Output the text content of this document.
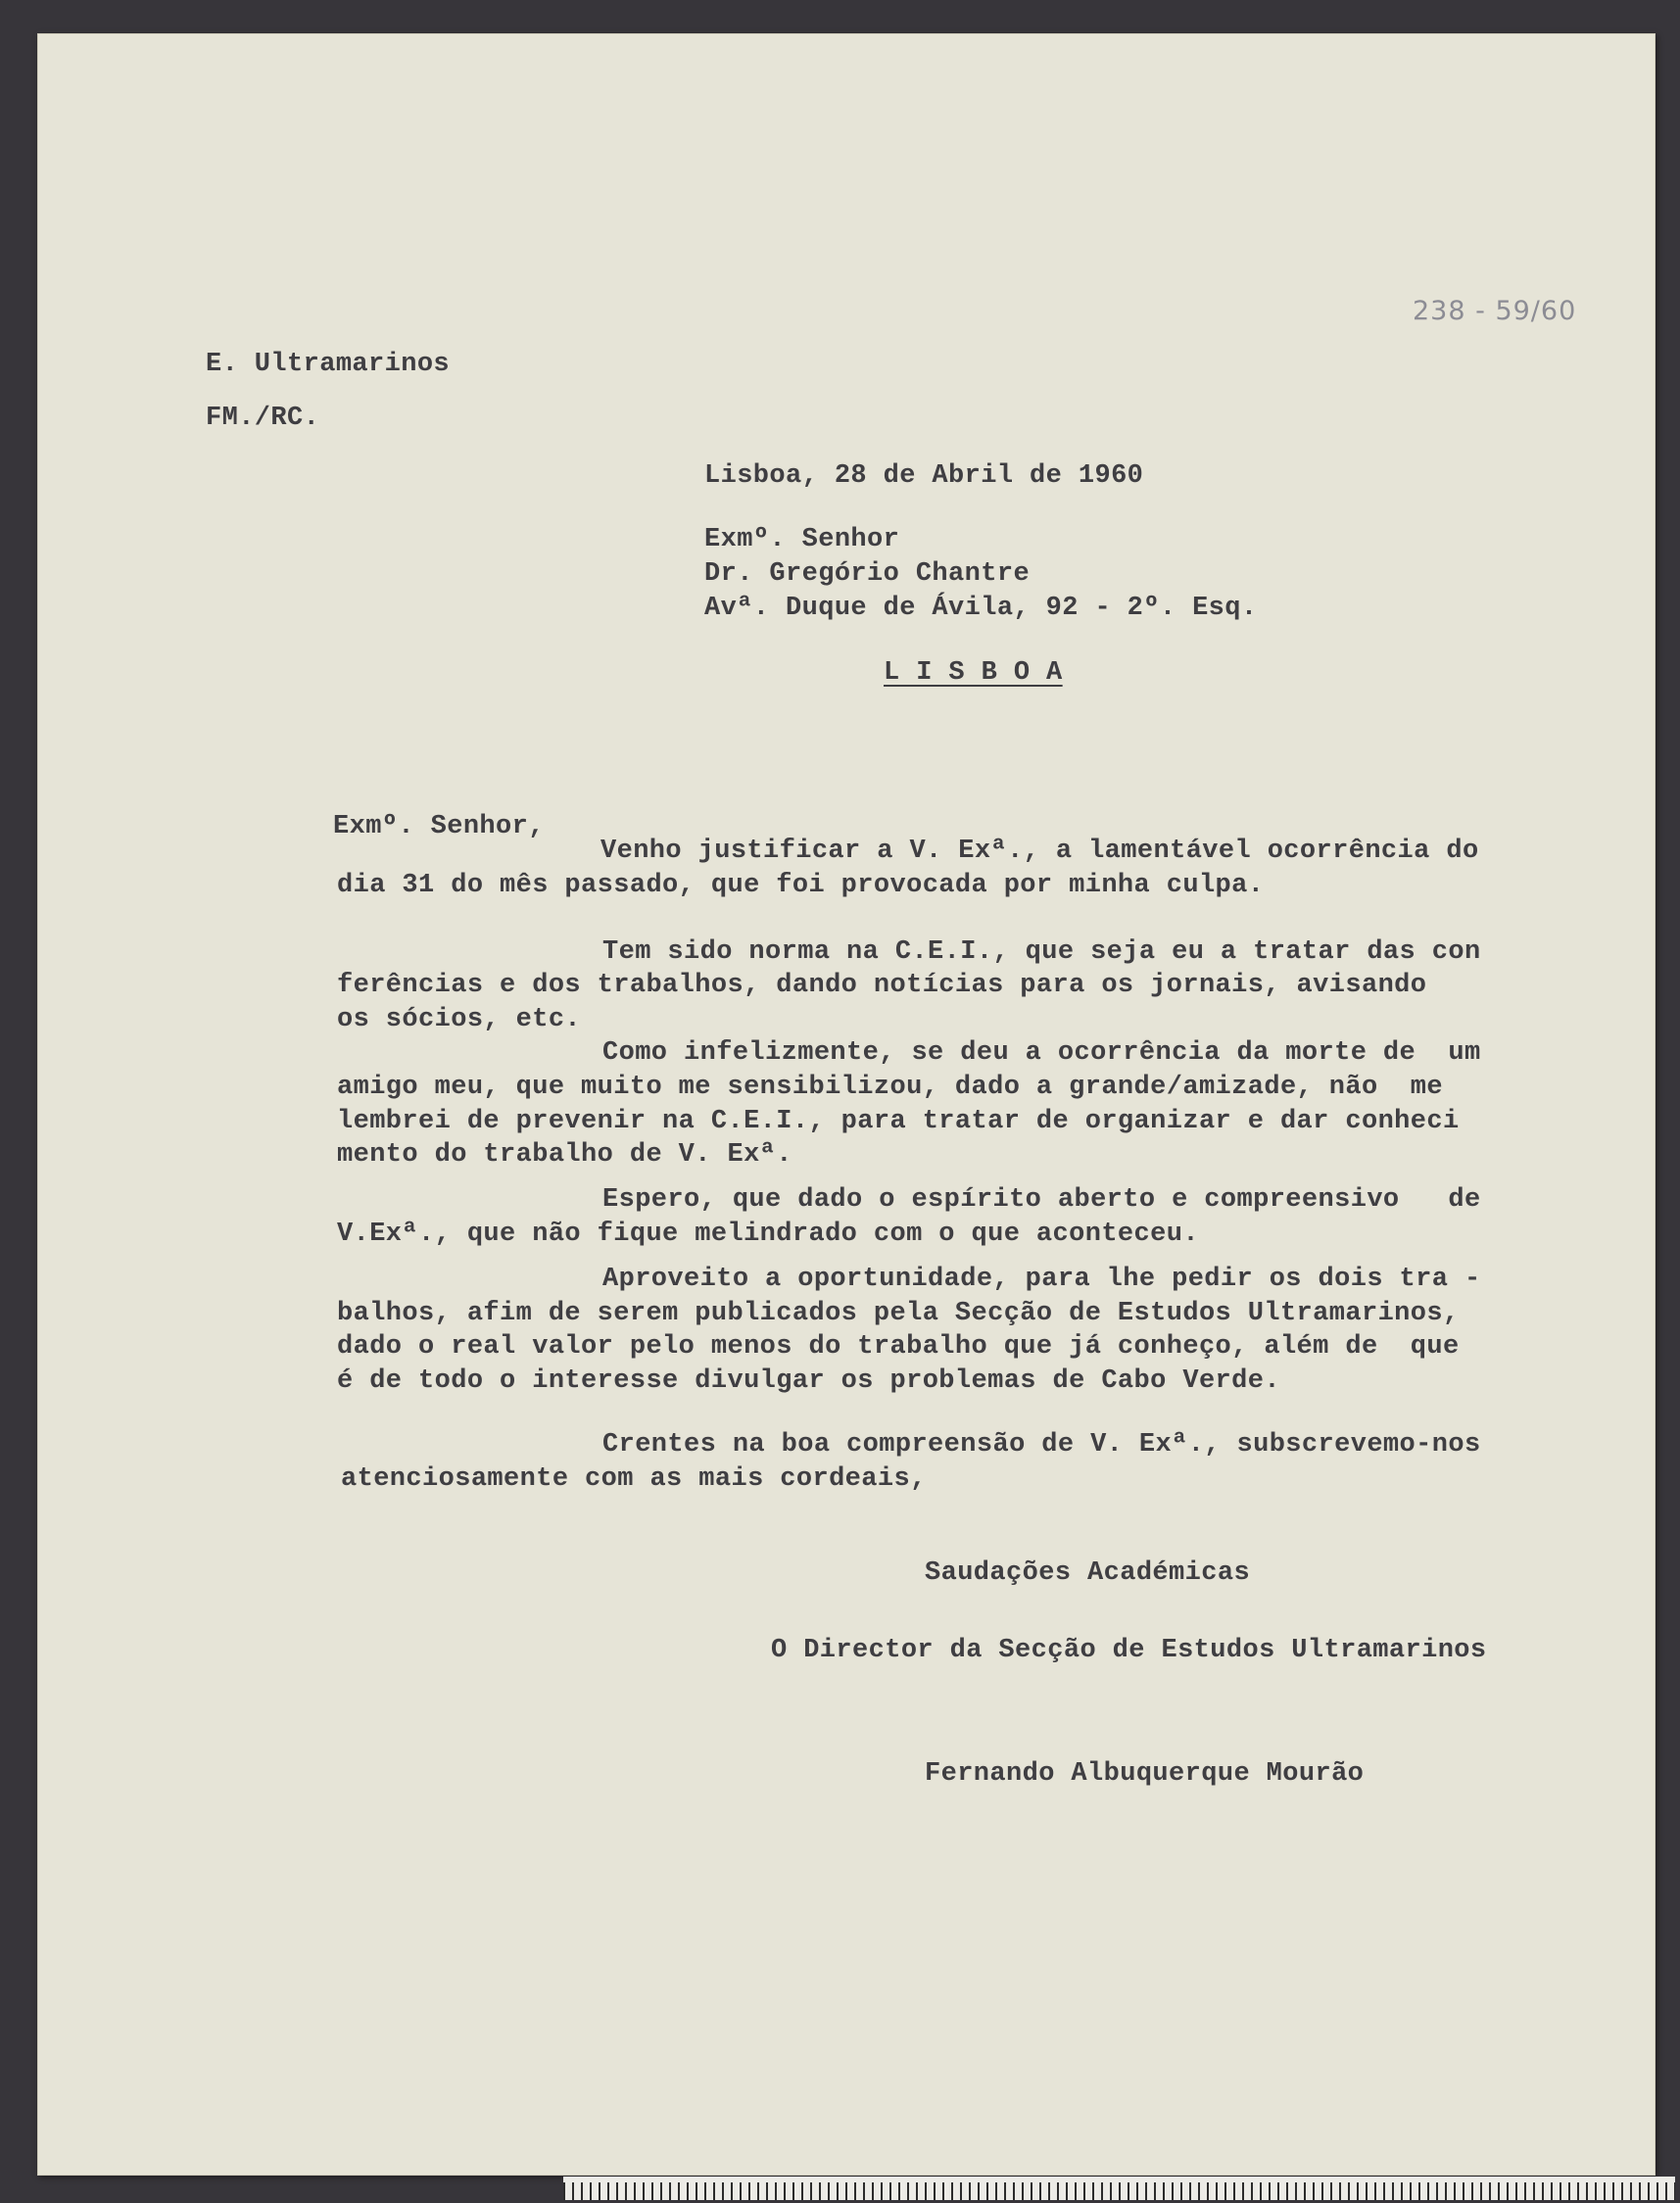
238 - 59/60
E. Ultramarinos
FM./RC.
Lisboa, 28 de Abril de 1960
Exmº. Senhor
Dr. Gregório Chantre
Avª. Duque de Ávila, 92 - 2º. Esq.
L I S B O A
Exmº. Senhor,
Venho justificar a V. Exª., a lamentável ocorrência do
dia 31 do mês passado, que foi provocada por minha culpa.
Tem sido norma na C.E.I., que seja eu a tratar das con
ferências e dos trabalhos, dando notícias para os jornais, avisando
os sócios, etc.
Como infelizmente, se deu a ocorrência da morte de  um
amigo meu, que muito me sensibilizou, dado a grande/amizade, não  me
lembrei de prevenir na C.E.I., para tratar de organizar e dar conheci
mento do trabalho de V. Exª.
Espero, que dado o espírito aberto e compreensivo   de
V.Exª., que não fique melindrado com o que aconteceu.
Aproveito a oportunidade, para lhe pedir os dois tra -
balhos, afim de serem publicados pela Secção de Estudos Ultramarinos,
dado o real valor pelo menos do trabalho que já conheço, além de  que
é de todo o interesse divulgar os problemas de Cabo Verde.
Crentes na boa compreensão de V. Exª., subscrevemo-nos
atenciosamente com as mais cordeais,
Saudações Académicas
O Director da Secção de Estudos Ultramarinos
Fernando Albuquerque Mourão
